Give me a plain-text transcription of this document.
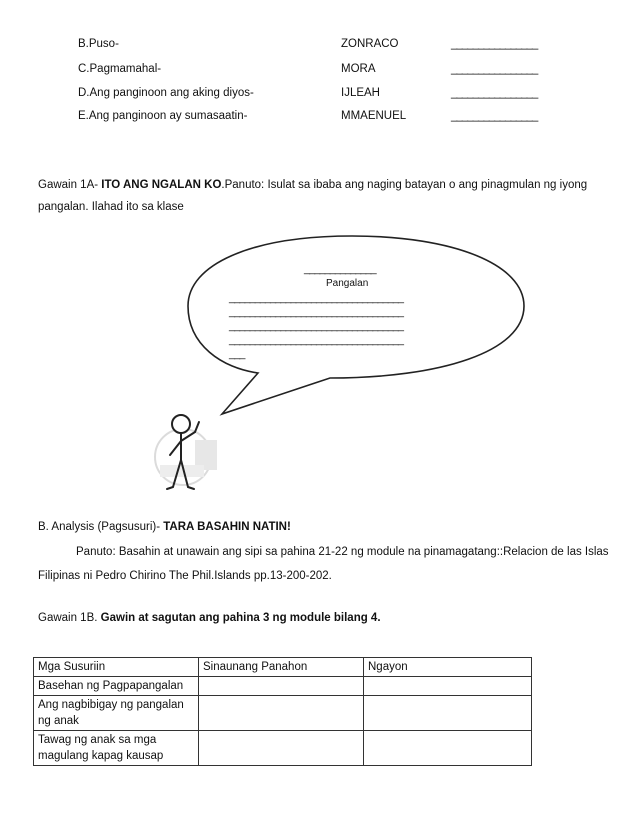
B.Puso-	ZONRACO	________________
C.Pagmamahal-	MORA	________________
D.Ang panginoon ang aking diyos-	IJLEAH	________________
E.Ang panginoon ay sumasaatin-	MMAENUEL	________________
Gawain 1A- ITO ANG NGALAN KO.Panuto: Isulat sa ibaba ang naging batayan o ang pinagmulan ng iyong
pangalan. Ilahad ito sa klase
______________
Pangalan
__________________________________
__________________________________
__________________________________
__________________________________
___
B. Analysis (Pagsusuri)- TARA BASAHIN NATIN!
Panuto: Basahin at unawain ang sipi sa pahina 21-22 ng module na pinamagatang::Relacion de las Islas
Filipinas ni Pedro Chirino The Phil.Islands pp.13-200-202.
Gawain 1B. Gawin at sagutan ang pahina 3 ng module bilang 4.
Mga Susuriin	Sinaunang Panahon	Ngayon
Basehan ng Pagpapangalan		
Ang nagbibigay ng pangalan ng anak		
Tawag ng anak sa mga magulang kapag kausap		
